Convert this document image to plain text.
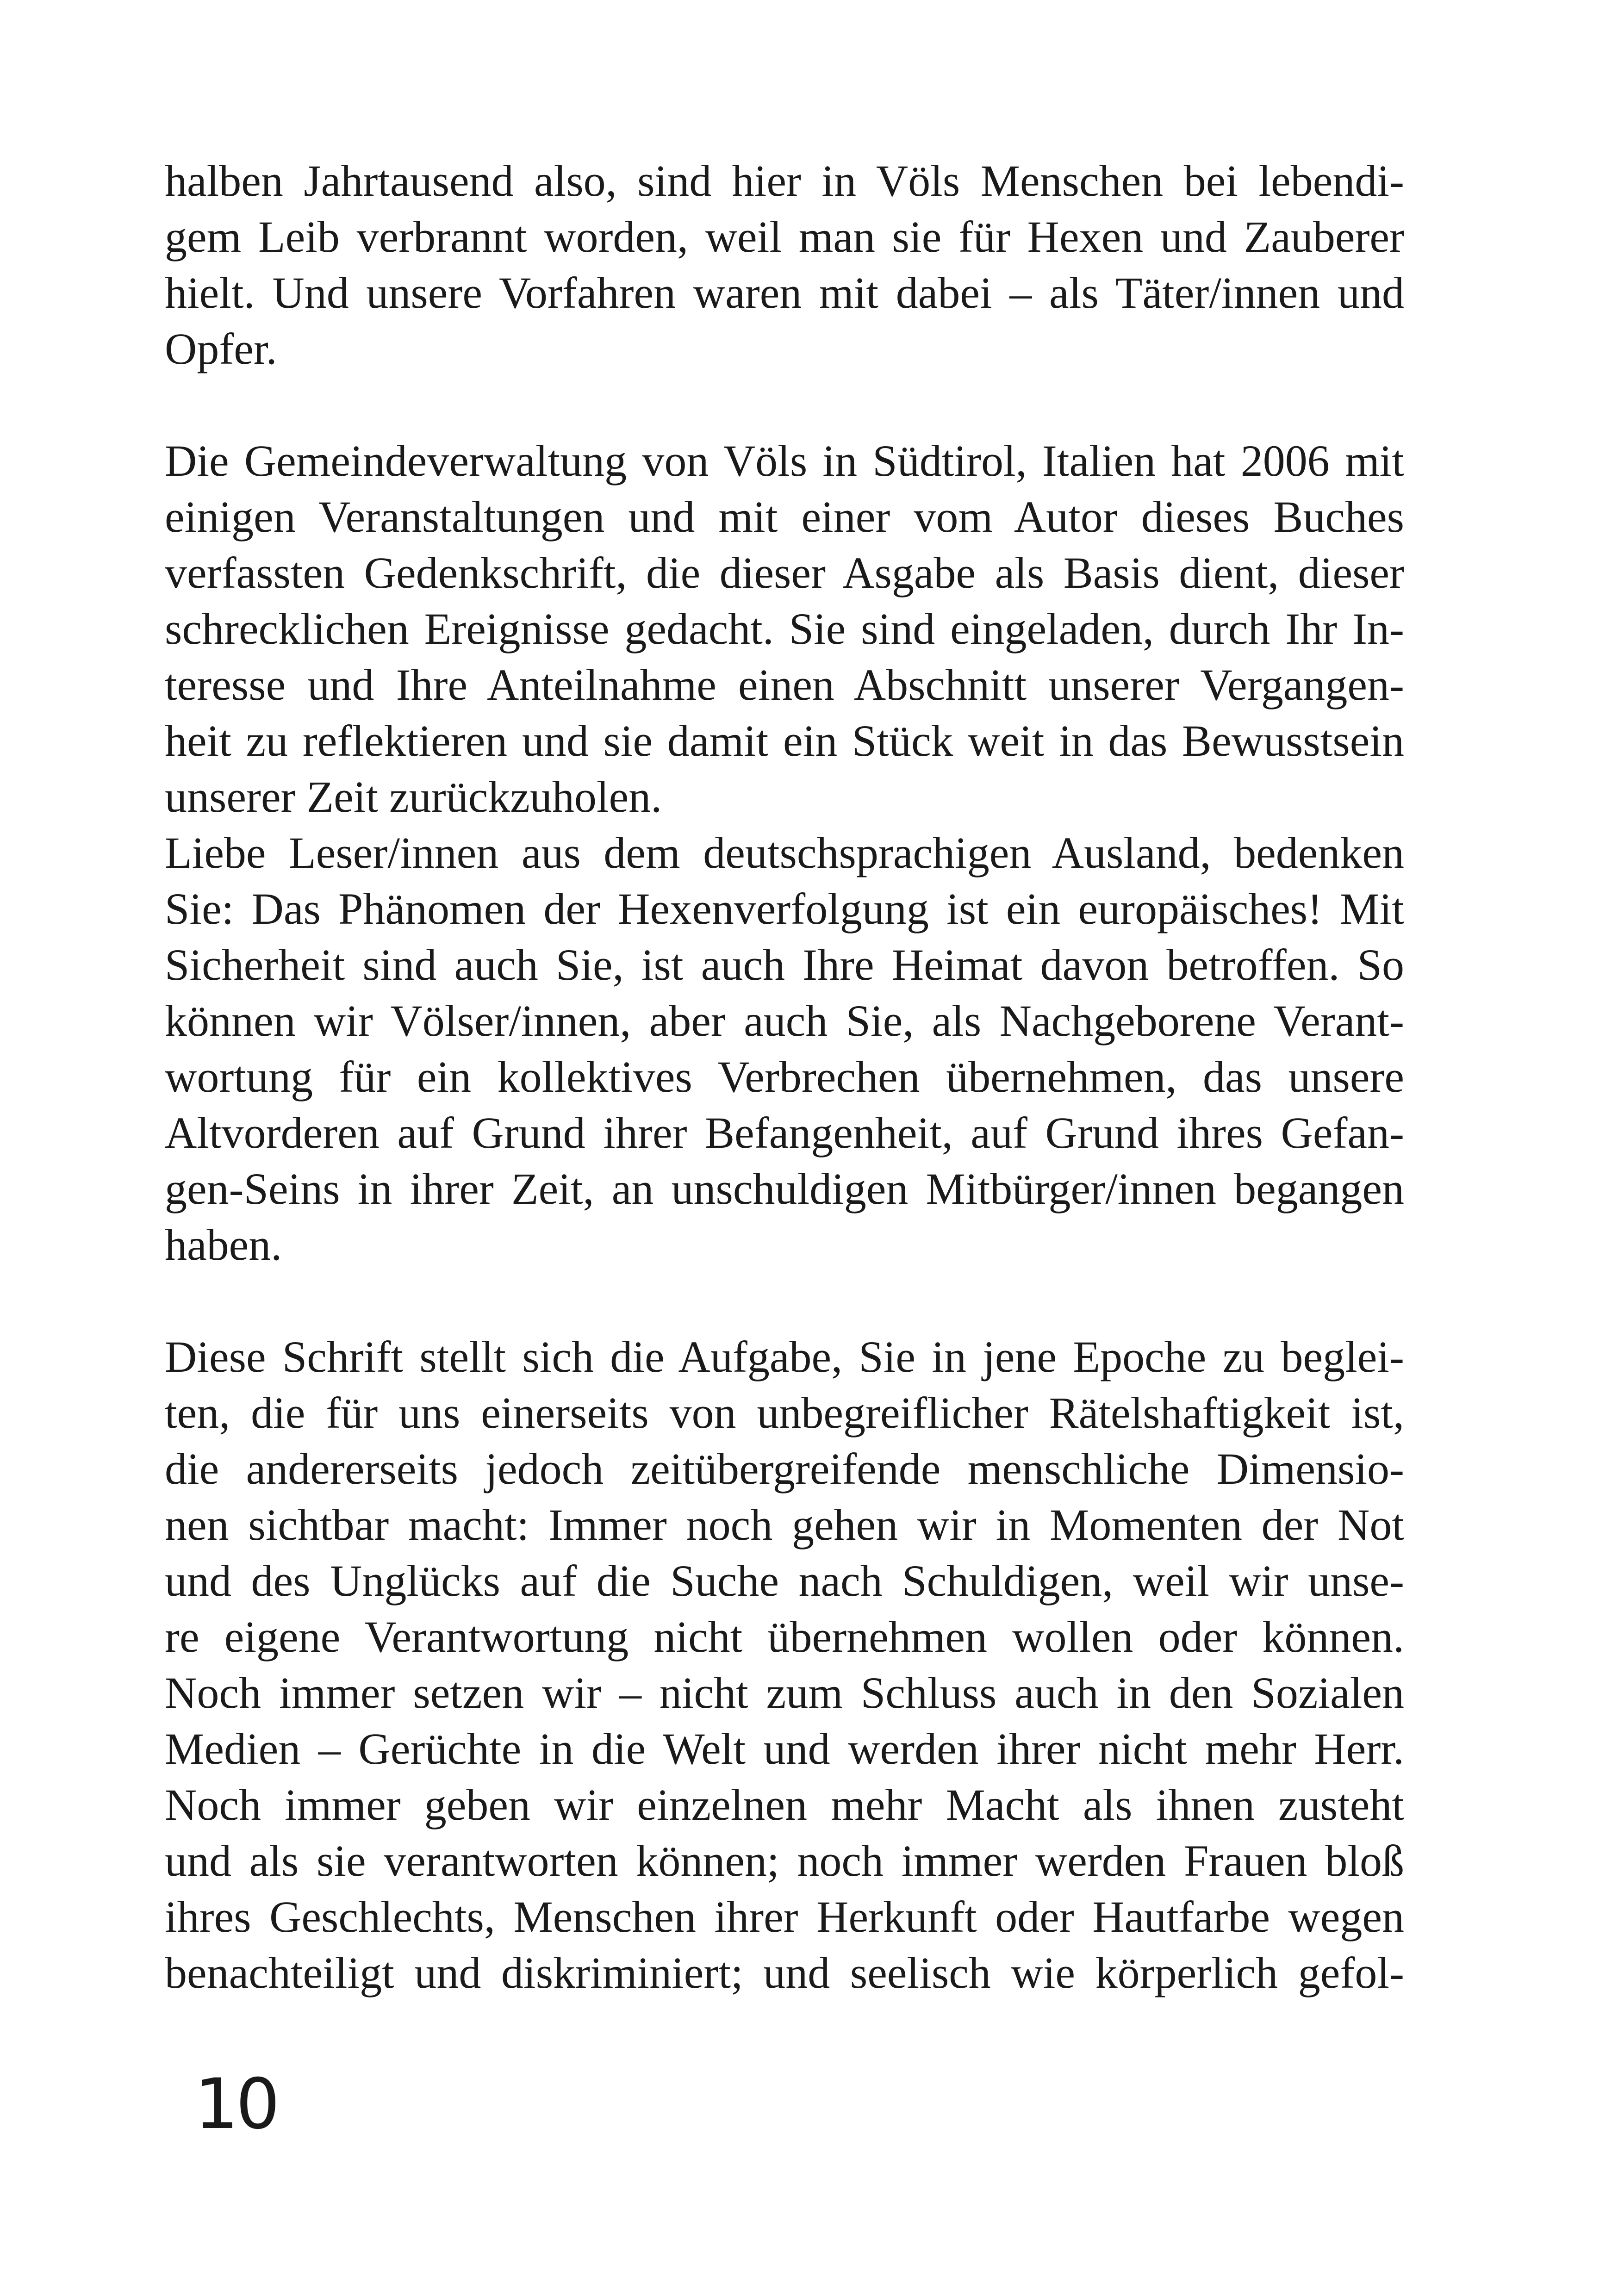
halben Jahrtausend also, sind hier in Völs Menschen bei lebendi-
gem Leib verbrannt worden, weil man sie für Hexen und Zauberer
hielt. Und unsere Vorfahren waren mit dabei – als Täter/innen und
Opfer.
Die Gemeindeverwaltung von Völs in Südtirol, Italien hat 2006 mit
einigen Veranstaltungen und mit einer vom Autor dieses Buches
verfassten Gedenkschrift, die dieser Asgabe als Basis dient, dieser
schrecklichen Ereignisse gedacht. Sie sind eingeladen, durch Ihr In-
teresse und Ihre Anteilnahme einen Abschnitt unserer Vergangen-
heit zu reflektieren und sie damit ein Stück weit in das Bewusstsein
unserer Zeit zurückzuholen.
Liebe Leser/innen aus dem deutschsprachigen Ausland, bedenken
Sie: Das Phänomen der Hexenverfolgung ist ein europäisches! Mit
Sicherheit sind auch Sie, ist auch Ihre Heimat davon betroffen. So
können wir Völser/innen, aber auch Sie, als Nachgeborene Verant-
wortung für ein kollektives Verbrechen übernehmen, das unsere
Altvorderen auf Grund ihrer Befangenheit, auf Grund ihres Gefan-
gen-Seins in ihrer Zeit, an unschuldigen Mitbürger/innen begangen
haben.
Diese Schrift stellt sich die Aufgabe, Sie in jene Epoche zu beglei-
ten, die für uns einerseits von unbegreiflicher Rätelshaftigkeit ist,
die andererseits jedoch zeitübergreifende menschliche Dimensio-
nen sichtbar macht: Immer noch gehen wir in Momenten der Not
und des Unglücks auf die Suche nach Schuldigen, weil wir unse-
re eigene Verantwortung nicht übernehmen wollen oder können.
Noch immer setzen wir – nicht zum Schluss auch in den Sozialen
Medien – Gerüchte in die Welt und werden ihrer nicht mehr Herr.
Noch immer geben wir einzelnen mehr Macht als ihnen zusteht
und als sie verantworten können; noch immer werden Frauen bloß
ihres Geschlechts, Menschen ihrer Herkunft oder Hautfarbe wegen
benachteiligt und diskriminiert; und seelisch wie körperlich gefol-
10
